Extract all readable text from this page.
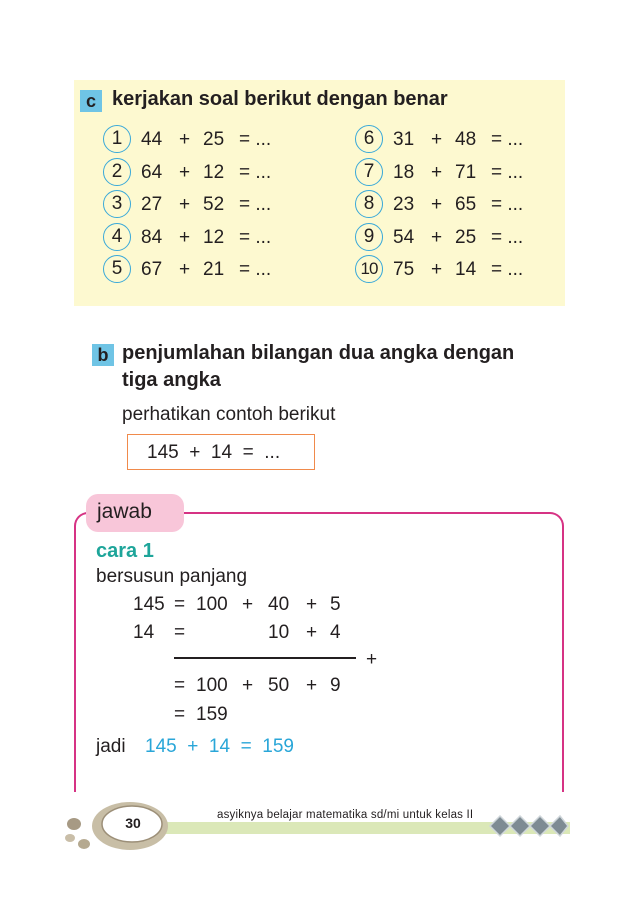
c kerjakan soal berikut dengan benar
1 44 + 25 = ...
2 64 + 12 = ...
3 27 + 52 = ...
4 84 + 12 = ...
5 67 + 21 = ...
6 31 + 48 = ...
7 18 + 71 = ...
8 23 + 65 = ...
9 54 + 25 = ...
10 75 + 14 = ...
b penjumlahan bilangan dua angka dengan
tiga angka
perhatikan contoh berikut
145  +  14  =  ...
jawab
cara 1
bersusun panjang
145 = 100 + 40 + 5
14 =	10 + 4
+
= 100 + 50 + 9
= 159
jadi 145  +  14  =  159
30	asyiknya belajar matematika sd/mi untuk kelas II
